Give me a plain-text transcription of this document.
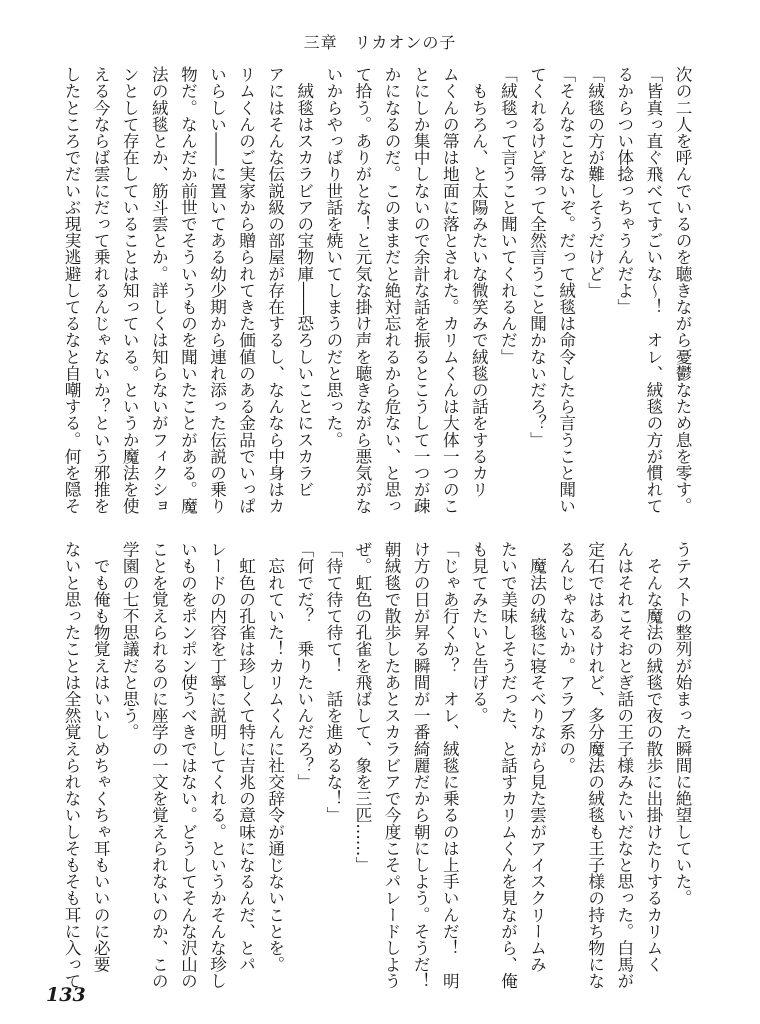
三章　リカオンの子
次の二人を呼んでいるのを聴きながら憂鬱なため息を零す。
「皆真っ直ぐ飛べてすごいな〜！　オレ、絨毯の方が慣れて
るからつい体捻っちゃうんだよ」
「絨毯の方が難しそうだけど」
「そんなことないぞ。だって絨毯は命令したら言うこと聞い
てくれるけど箒って全然言うこと聞かないだろ？」
「絨毯って言うこと聞いてくれるんだ」
　もちろん、と太陽みたいな微笑みで絨毯の話をするカリ
ムくんの箒は地面に落とされた。カリムくんは大体一つのこ
とにしか集中しないので余計な話を振るとこうして一つが疎
かになるのだ。このままだと絶対忘れるから危ない、と思っ
て拾う。ありがとな！と元気な掛け声を聴きながら悪気がな
いからやっぱり世話を焼いてしまうのだと思った。
　絨毯はスカラビアの宝物庫――恐ろしいことにスカラビ
アにはそんな伝説級の部屋が存在するし、なんなら中身はカ
リムくんのご実家から贈られてきた価値のある金品でいっぱ
いらしい――に置いてある幼少期から連れ添った伝説の乗り
物だ。なんだか前世でそういうものを聞いたことがある。魔
法の絨毯とか、筋斗雲とか。詳しくは知らないがフィクショ
ンとして存在していることは知っている。というか魔法を使
える今ならば雲にだって乗れるんじゃないか？という邪推を
したところでだいぶ現実逃避してるなと自嘲する。何を隠そ
うテストの整列が始まった瞬間に絶望していた。
　そんな魔法の絨毯で夜の散歩に出掛けたりするカリムく
んはそれこそおとぎ話の王子様みたいだなと思った。白馬が
定石ではあるけれど、多分魔法の絨毯も王子様の持ち物にな
るんじゃないか。アラブ系の。
　魔法の絨毯に寝そべりながら見た雲がアイスクリームみ
たいで美味しそうだった、と話すカリムくんを見ながら、俺
も見てみたいと告げる。
「じゃあ行くか？　オレ、絨毯に乗るのは上手いんだ！　明
け方の日が昇る瞬間が一番綺麗だから朝にしよう。そうだ！
朝絨毯で散歩したあとスカラビアで今度こそパレードしよう
ぜ。虹色の孔雀を飛ばして、象を三匹……」
「待て待て待て！　話を進めるな！」
「何でだ？　乗りたいんだろ？」
　忘れていた！カリムくんに社交辞令が通じないことを。
　虹色の孔雀は珍しくて特に吉兆の意味になるんだ、とパ
レードの内容を丁寧に説明してくれる。というかそんな珍し
いものをポンポン使うべきではない。どうしてそんな沢山の
ことを覚えられるのに座学の一文を覚えられないのか、この
学園の七不思議だと思う。
　でも俺も物覚えはいいしめちゃくちゃ耳もいいのに必要
ないと思ったことは全然覚えられないしそもそも耳に入って
133
